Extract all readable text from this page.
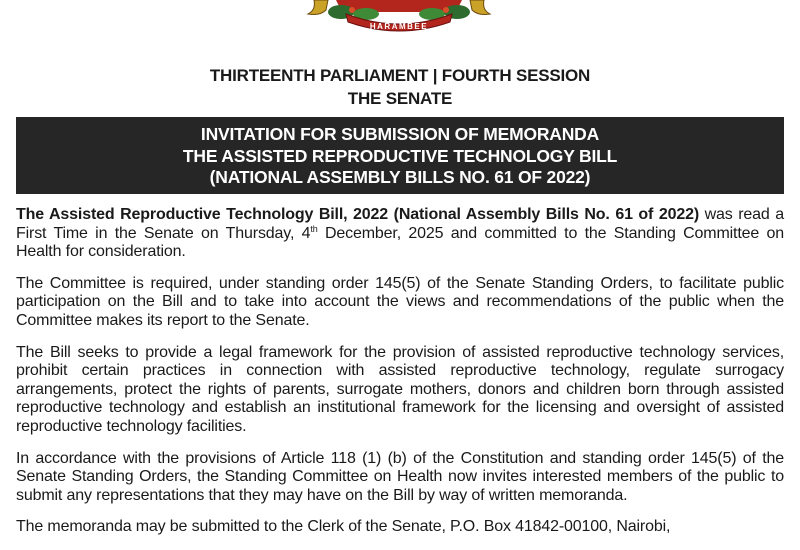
HARAMBEE
THIRTEENTH PARLIAMENT | FOURTH SESSION
THE SENATE
INVITATION FOR SUBMISSION OF MEMORANDA
THE ASSISTED REPRODUCTIVE TECHNOLOGY BILL
(NATIONAL ASSEMBLY BILLS NO. 61 OF 2022)

The Assisted Reproductive Technology Bill, 2022 (National Assembly Bills No. 61 of 2022) was read a First Time in the Senate on Thursday, 4th December, 2025 and committed to the Standing Committee on Health for consideration.

The Committee is required, under standing order 145(5) of the Senate Standing Orders, to facilitate public participation on the Bill and to take into account the views and recommendations of the public when the Committee makes its report to the Senate.

The Bill seeks to provide a legal framework for the provision of assisted reproductive technology services, prohibit certain practices in connection with assisted reproductive technology, regulate surrogacy arrangements, protect the rights of parents, surrogate mothers, donors and children born through assisted reproductive technology and establish an institutional framework for the licensing and oversight of assisted reproductive technology facilities.

In accordance with the provisions of Article 118 (1) (b) of the Constitution and standing order 145(5) of the Senate Standing Orders, the Standing Committee on Health now invites interested members of the public to submit any representations that they may have on the Bill by way of written memoranda.

The memoranda may be submitted to the Clerk of the Senate, P.O. Box 41842-00100, Nairobi,
